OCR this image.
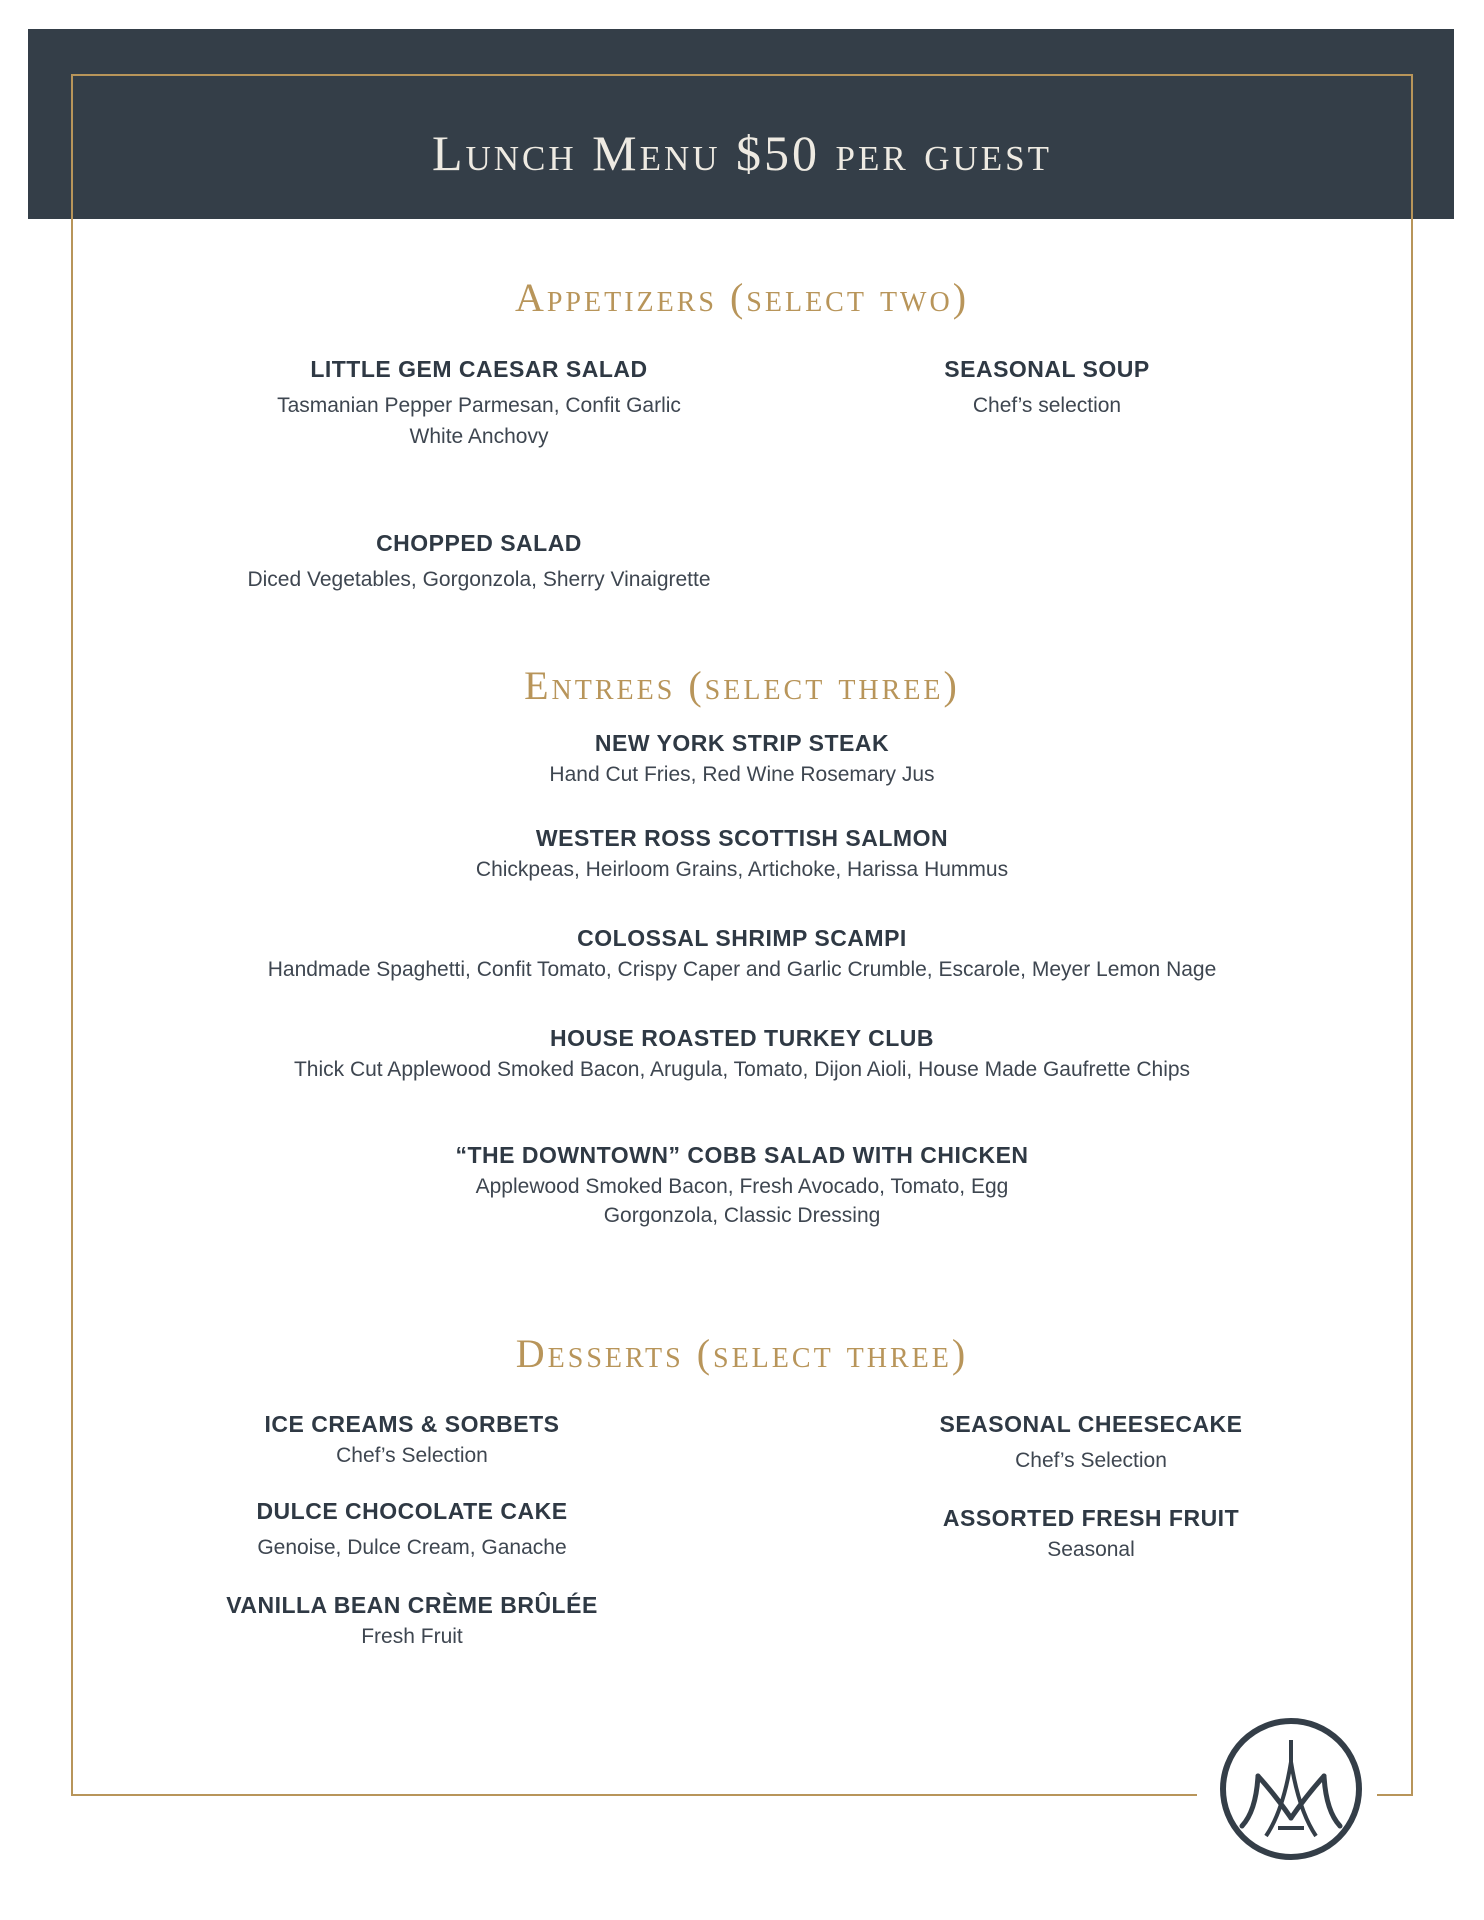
Lunch Menu $50 per guest
Appetizers (select two)
LITTLE GEM CAESAR SALAD
Tasmanian Pepper Parmesan, Confit Garlic
White Anchovy
SEASONAL SOUP
Chef’s selection
CHOPPED SALAD
Diced Vegetables, Gorgonzola, Sherry Vinaigrette
Entrees (select three)
NEW YORK STRIP STEAK
Hand Cut Fries, Red Wine Rosemary Jus
WESTER ROSS SCOTTISH SALMON
Chickpeas, Heirloom Grains, Artichoke, Harissa Hummus
COLOSSAL SHRIMP SCAMPI
Handmade Spaghetti, Confit Tomato, Crispy Caper and Garlic Crumble, Escarole, Meyer Lemon Nage
HOUSE ROASTED TURKEY CLUB
Thick Cut Applewood Smoked Bacon, Arugula, Tomato, Dijon Aioli, House Made Gaufrette Chips
“THE DOWNTOWN” COBB SALAD WITH CHICKEN
Applewood Smoked Bacon, Fresh Avocado, Tomato, Egg
Gorgonzola, Classic Dressing
Desserts (select three)
ICE CREAMS & SORBETS
Chef’s Selection
DULCE CHOCOLATE CAKE
Genoise, Dulce Cream, Ganache
VANILLA BEAN CRÈME BRÛLÉE
Fresh Fruit
SEASONAL CHEESECAKE
Chef’s Selection
ASSORTED FRESH FRUIT
Seasonal
